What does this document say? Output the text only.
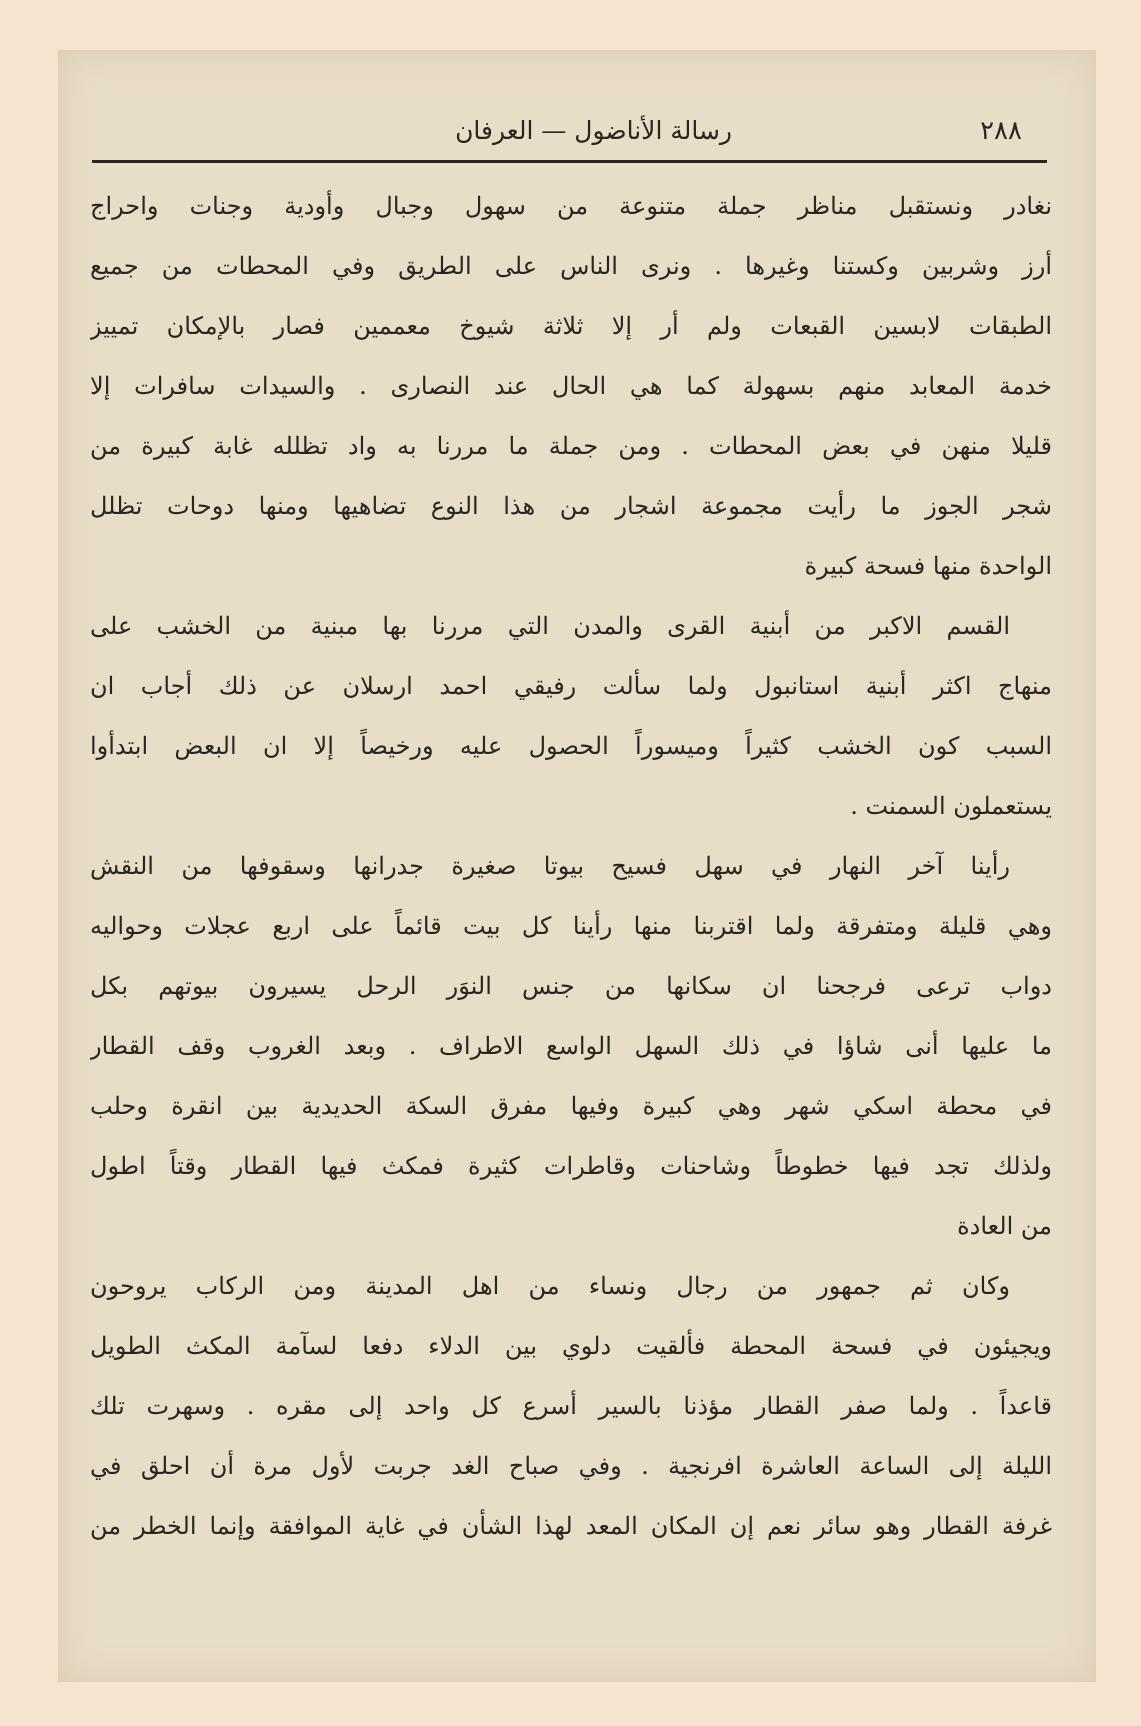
٢٨٨
رسالة الأناضول — العرفان
نغادر ونستقبل مناظر جملة متنوعة من سهول وجبال وأودية وجنات واحراج
أرز وشربين وكستنا وغيرها . ونرى الناس على الطريق وفي المحطات من جميع
الطبقات لابسين القبعات ولم أر إلا ثلاثة شيوخ معممين فصار بالإمكان تمييز
خدمة المعابد منهم بسهولة كما هي الحال عند النصارى . والسيدات سافرات إلا
قليلا منهن في بعض المحطات . ومن جملة ما مررنا به واد تظلله غابة كبيرة من
شجر الجوز ما رأيت مجموعة اشجار من هذا النوع تضاهيها ومنها دوحات تظلل
الواحدة منها فسحة كبيرة
القسم الاكبر من أبنية القرى والمدن التي مررنا بها مبنية من الخشب على
منهاج اكثر أبنية استانبول ولما سألت رفيقي احمد ارسلان عن ذلك أجاب ان
السبب كون الخشب كثيراً وميسوراً الحصول عليه ورخيصاً إلا ان البعض ابتدأوا
يستعملون السمنت .
رأينا آخر النهار في سهل فسيح بيوتا صغيرة جدرانها وسقوفها من النقش
وهي قليلة ومتفرقة ولما اقتربنا منها رأينا كل بيت قائماً على اربع عجلات وحواليه
دواب ترعى فرجحنا ان سكانها من جنس النوَر الرحل يسيرون بيوتهم بكل
ما عليها أنى شاؤا في ذلك السهل الواسع الاطراف . وبعد الغروب وقف القطار
في محطة اسكي شهر وهي كبيرة وفيها مفرق السكة الحديدية بين انقرة وحلب
ولذلك تجد فيها خطوطاً وشاحنات وقاطرات كثيرة فمكث فيها القطار وقتاً اطول
من العادة
وكان ثم جمهور من رجال ونساء من اهل المدينة ومن الركاب يروحون
ويجيئون في فسحة المحطة فألقيت دلوي بين الدلاء دفعا لسآمة المكث الطويل
قاعداً . ولما صفر القطار مؤذنا بالسير أسرع كل واحد إلى مقره . وسهرت تلك
الليلة إلى الساعة العاشرة افرنجية . وفي صباح الغد جربت لأول مرة أن احلق في
غرفة القطار وهو سائر نعم إن المكان المعد لهذا الشأن في غاية الموافقة وإنما الخطر من
